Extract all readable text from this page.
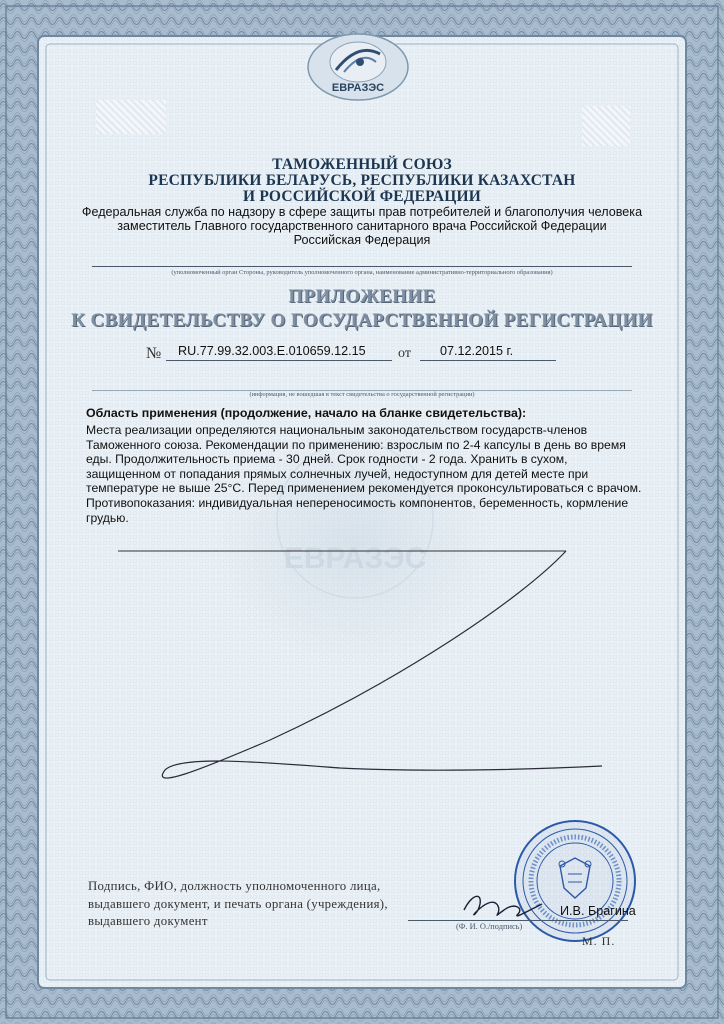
ЕВРАЗЭС
ЕВРАЗЭС
ТАМОЖЕННЫЙ СОЮЗ
РЕСПУБЛИКИ БЕЛАРУСЬ, РЕСПУБЛИКИ КАЗАХСТАН
И РОССИЙСКОЙ ФЕДЕРАЦИИ
Федеральная служба по надзору в сфере защиты прав потребителей и благополучия человека
заместитель Главного государственного санитарного врача Российской Федерации
Российская Федерация
(уполномоченный орган Стороны, руководитель уполномоченного органа, наименование административно-территориального образования)
ПРИЛОЖЕНИЕ
К СВИДЕТЕЛЬСТВУ О ГОСУДАРСТВЕННОЙ РЕГИСТРАЦИИ
№ RU.77.99.32.003.E.010659.12.15 от 07.12.2015 г.
(информация, не вошедшая в текст свидетельства о государственной регистрации)
Область применения (продолжение, начало на бланке свидетельства):
Места реализации определяются национальным законодательством государств-членов Таможенного союза. Рекомендации по применению: взрослым по 2-4 капсулы в день во время еды. Продолжительность приема - 30 дней. Срок годности - 2 года. Хранить в сухом, защищенном от попадания прямых солнечных лучей, недоступном для детей месте при температуре не выше 25°С. Перед применением рекомендуется проконсультироваться с врачом. Противопоказания: индивидуальная непереносимость компонентов, беременность, кормление грудью.
Подпись, ФИО, должность уполномоченного лица, выдавшего документ, и печать органа (учреждения), выдавшего документ
И.В. Брагина
(Ф. И. О./подпись)
М. П.
